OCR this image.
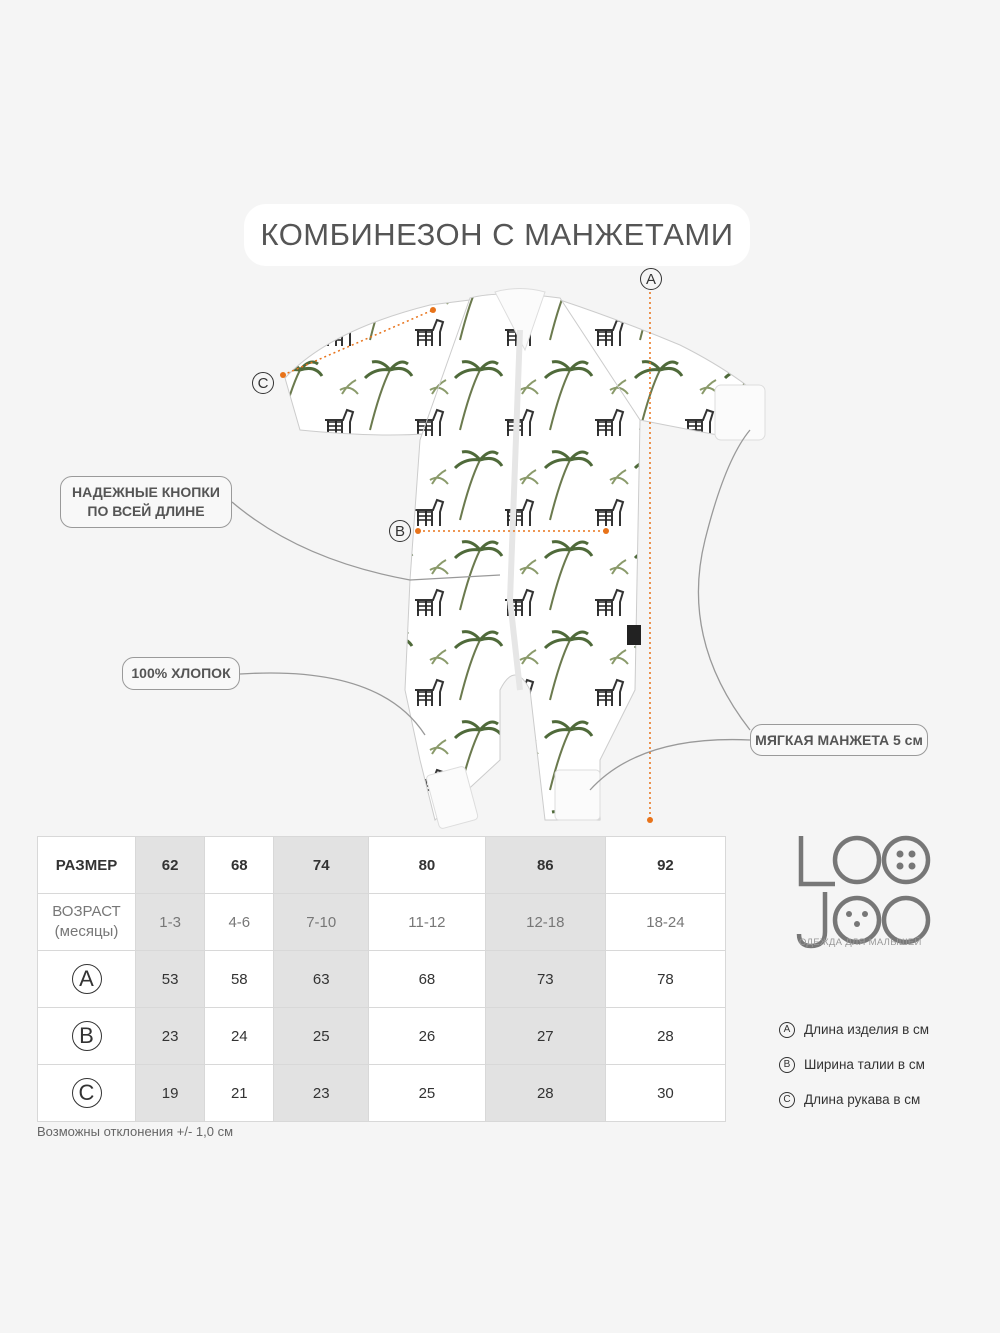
КОМБИНЕЗОН С МАНЖЕТАМИ
A
B
C
НАДЕЖНЫЕ КНОПКИ
ПО ВСЕЙ ДЛИНЕ
100% ХЛОПОК
МЯГКАЯ МАНЖЕТА 5 см
РАЗМЕР	62	68	74	80	86	92

ВОЗРАСТ
(месяцы)	1-3	4-6	7-10	11-12	12-18	18-24
A	53	58	63	68	73	78
B	23	24	25	26	27	28
C	19	21	23	25	28	30
Возможны отклонения +/- 1,0 см
ОДЕЖДА ДЛЯ МАЛЫШЕЙ
A	Длина изделия в см
B	Ширина талии в см
C Длина рукава в см
